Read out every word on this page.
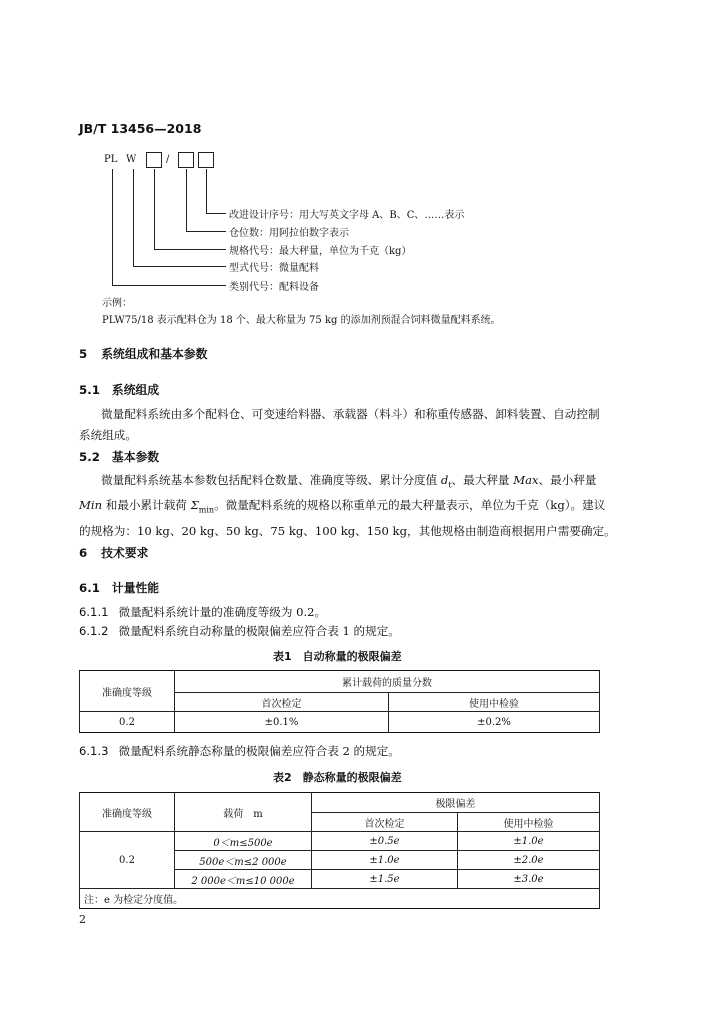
JB/T 13456—2018
PL W	/
改进设计序号：用大写英文字母 A、B、C、……表示
仓位数：用阿拉伯数字表示
规格代号：最大秤量，单位为千克（kg）
型式代号：微量配料
类别代号：配料设备
示例：
PLW75/18 表示配料仓为 18 个、最大称量为 75 kg 的添加剂预混合饲料微量配料系统。
5 系统组成和基本参数
5.1 系统组成
微量配料系统由多个配料仓、可变速给料器、承载器（料斗）和称重传感器、卸料装置、自动控制
系统组成。
5.2 基本参数
微量配料系统基本参数包括配料仓数量、准确度等级、累计分度值 $d_t$、最大秤量 Max、最小秤量
Min 和最小累计载荷 $\Sigma_{min}$。微量配料系统的规格以称重单元的最大秤量表示，单位为千克（kg）。建议
的规格为：10 kg、20 kg、50 kg、75 kg、100 kg、150 kg，其他规格由制造商根据用户需要确定。
6 技术要求
6.1 计量性能
6.1.1 微量配料系统计量的准确度等级为 0.2。
6.1.2 微量配料系统自动称量的极限偏差应符合表 1 的规定。
表1　自动称量的极限偏差
准确度等级	累计载荷的质量分数	
	首次检定	使用中检验
0.2	±0.1%	±0.2%
6.1.3 微量配料系统静态称量的极限偏差应符合表 2 的规定。
表2　静态称量的极限偏差
准确度等级	载荷　m	极限偏差	
		首次检定	使用中检验
0.2	0＜m≤500e	±0.5e	±1.0e
	500e＜m≤2 000e	±1.0e	±2.0e
	2 000e＜m≤10 000e	±1.5e	±3.0e
注：e 为检定分度值。			
2
